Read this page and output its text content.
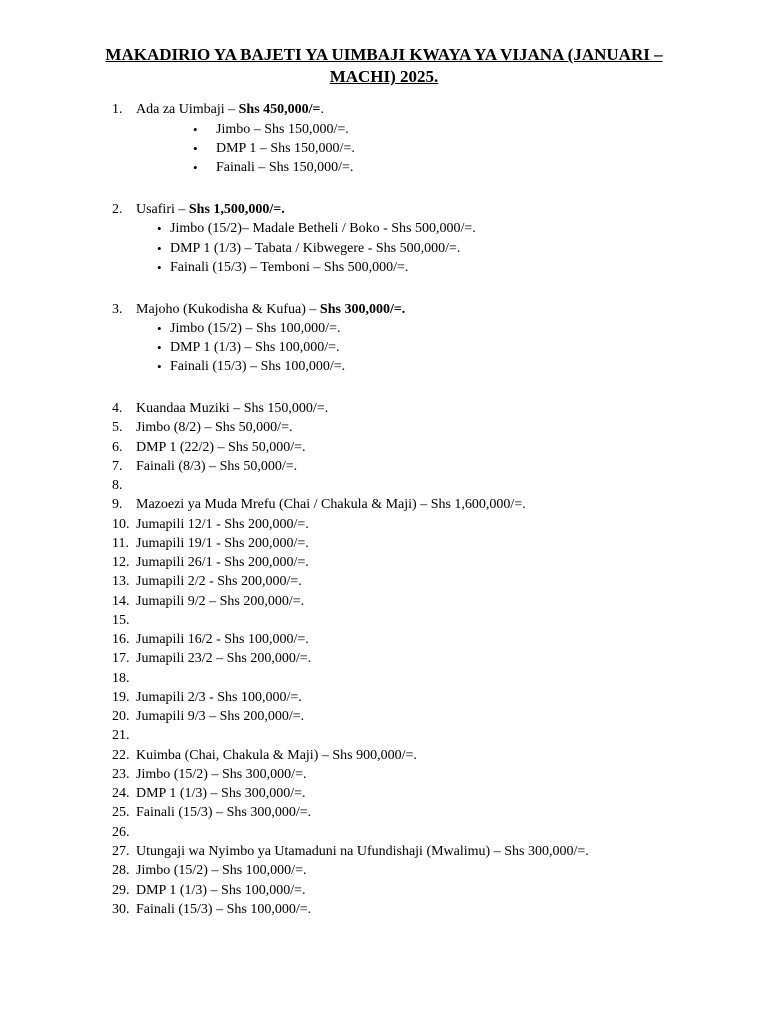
MAKADIRIO YA BAJETI YA UIMBAJI KWAYA YA VIJANA (JANUARI – MACHI) 2025.
1. Ada za Uimbaji – Shs 450,000/=.
• Jimbo – Shs 150,000/=.
• DMP 1 – Shs 150,000/=.
• Fainali – Shs 150,000/=.
2. Usafiri – Shs 1,500,000/=.
• Jimbo (15/2)– Madale Betheli / Boko - Shs 500,000/=.
• DMP 1 (1/3) – Tabata / Kibwegere - Shs 500,000/=.
• Fainali (15/3) – Temboni – Shs 500,000/=.
3. Majoho (Kukodisha & Kufua) – Shs 300,000/=.
• Jimbo (15/2) – Shs 100,000/=.
• DMP 1 (1/3) – Shs 100,000/=.
• Fainali (15/3) – Shs 100,000/=.
4. Kuandaa Muziki – Shs 150,000/=.
5. Jimbo (8/2) – Shs 50,000/=.
6. DMP 1 (22/2) – Shs 50,000/=.
7. Fainali (8/3) – Shs 50,000/=.
8.
9. Mazoezi ya Muda Mrefu (Chai / Chakula & Maji) – Shs 1,600,000/=.
10. Jumapili 12/1 - Shs 200,000/=.
11. Jumapili 19/1 - Shs 200,000/=.
12. Jumapili 26/1 - Shs 200,000/=.
13. Jumapili 2/2 - Shs 200,000/=.
14. Jumapili 9/2 – Shs 200,000/=.
15.
16. Jumapili 16/2 - Shs 100,000/=.
17. Jumapili 23/2 – Shs 200,000/=.
18.
19. Jumapili 2/3 - Shs 100,000/=.
20. Jumapili 9/3 – Shs 200,000/=.
21.
22. Kuimba (Chai, Chakula & Maji) – Shs 900,000/=.
23. Jimbo (15/2) – Shs 300,000/=.
24. DMP 1 (1/3) – Shs 300,000/=.
25. Fainali (15/3) – Shs 300,000/=.
26.
27. Utungaji wa Nyimbo ya Utamaduni na Ufundishaji (Mwalimu) – Shs 300,000/=.
28. Jimbo (15/2) – Shs 100,000/=.
29. DMP 1 (1/3) – Shs 100,000/=.
30. Fainali (15/3) – Shs 100,000/=.
